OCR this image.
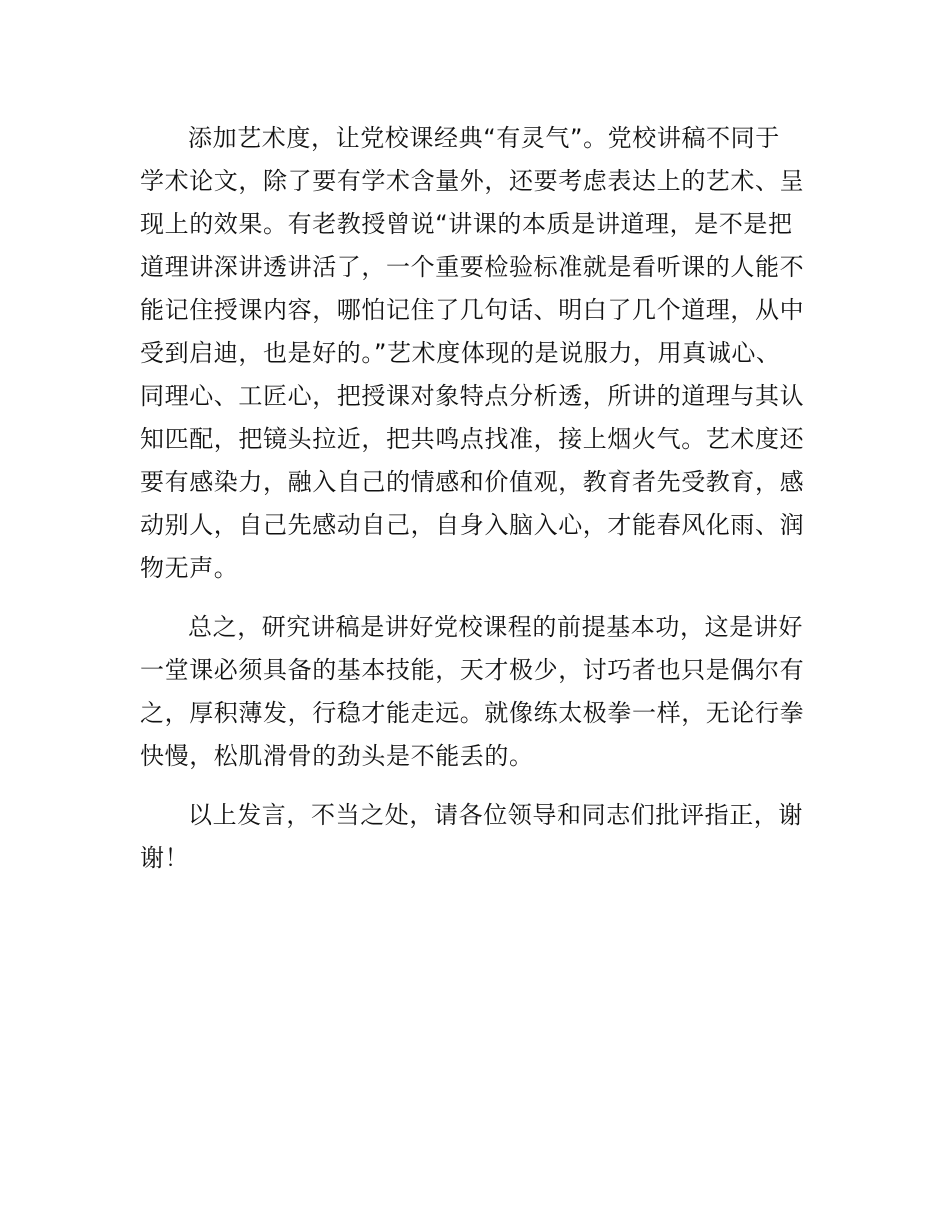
添加艺术度，让党校课经典“有灵气”。党校讲稿不同于
学术论文，除了要有学术含量外，还要考虑表达上的艺术、呈
现上的效果。有老教授曾说“讲课的本质是讲道理，是不是把
道理讲深讲透讲活了，一个重要检验标准就是看听课的人能不
能记住授课内容，哪怕记住了几句话、明白了几个道理，从中
受到启迪，也是好的。”艺术度体现的是说服力，用真诚心、
同理心、工匠心，把授课对象特点分析透，所讲的道理与其认
知匹配，把镜头拉近，把共鸣点找准，接上烟火气。艺术度还
要有感染力，融入自己的情感和价值观，教育者先受教育，感
动别人，自己先感动自己，自身入脑入心，才能春风化雨、润
物无声。
总之，研究讲稿是讲好党校课程的前提基本功，这是讲好
一堂课必须具备的基本技能，天才极少，讨巧者也只是偶尔有
之，厚积薄发，行稳才能走远。就像练太极拳一样，无论行拳
快慢，松肌滑骨的劲头是不能丢的。
以上发言，不当之处，请各位领导和同志们批评指正，谢
谢！
